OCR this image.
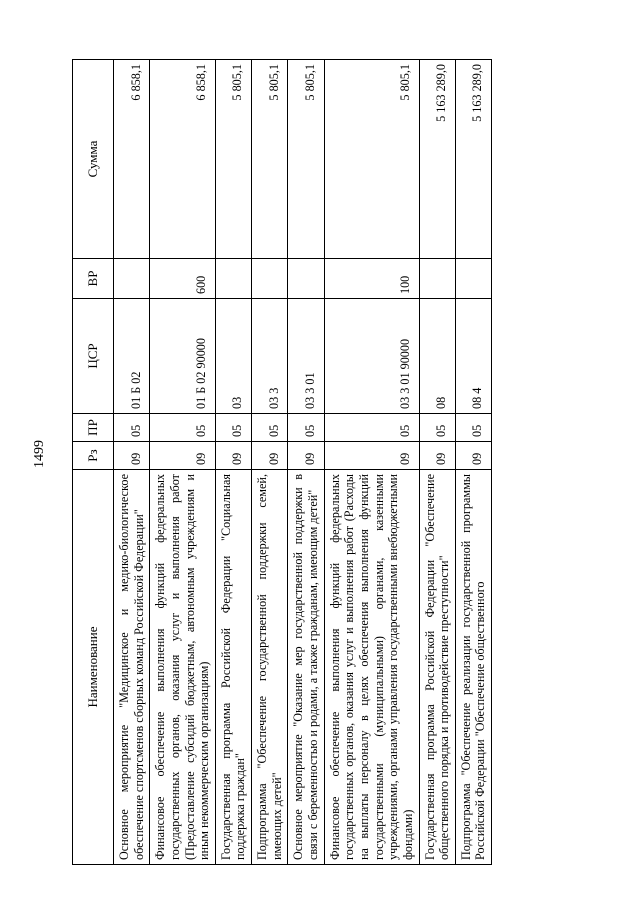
1499
Наименование	Рз	ПР	ЦСР	ВР	Сумма
Основное мероприятие "Медицинское и медико-биологическое обеспечение спортсменов сборных команд Российской Федерации"	09	05	01 Б 02		6 858,1
Финансовое обеспечение выполнения функций федеральных государственных органов, оказания услуг и выполнения работ (Предоставление субсидий бюджетным, автономным учреждениям и иным некоммерческим организациям)	09	05	01 Б 02 90000	600	6 858,1
Государственная программа Российской Федерации "Социальная поддержка граждан"	09	05	03		5 805,1
Подпрограмма "Обеспечение государственной поддержки семей, имеющих детей"	09	05	03 3		5 805,1
Основное мероприятие "Оказание мер государственной поддержки в связи с беременностью и родами, а также гражданам, имеющим детей"	09	05	03 3 01		5 805,1
Финансовое обеспечение выполнения функций федеральных государственных органов, оказания услуг и выполнения работ (Расходы на выплаты персоналу в целях обеспечения выполнения функций государственными (муниципальными) органами, казенными учреждениями, органами управления государственными внебюджетными фондами)	09	05	03 3 01 90000	100	5 805,1
Государственная программа Российской Федерации "Обеспечение общественного порядка и противодействие преступности"	09	05	08		5 163 289,0
Подпрограмма "Обеспечение реализации государственной программы Российской Федерации "Обеспечение общественного	09	05	08 4		5 163 289,0
